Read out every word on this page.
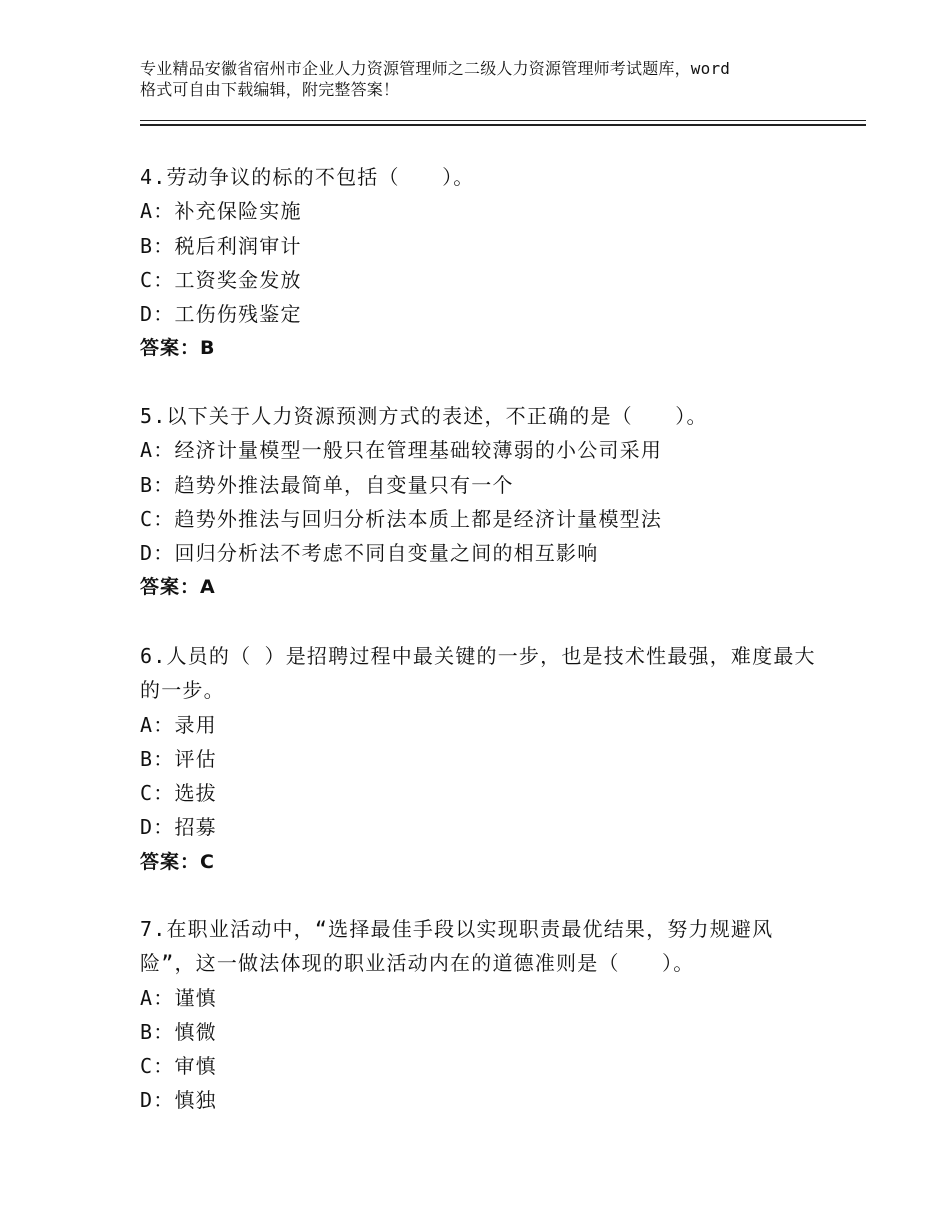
专业精品安徽省宿州市企业人力资源管理师之二级人力资源管理师考试题库，word
格式可自由下载编辑，附完整答案！

4.劳动争议的标的不包括（　　）。

A：补充保险实施

B：税后利润审计

C：工资奖金发放

D：工伤伤残鉴定

答案：B

5.以下关于人力资源预测方式的表述，不正确的是（　　）。

A：经济计量模型一般只在管理基础较薄弱的小公司采用

B：趋势外推法最简单，自变量只有一个

C：趋势外推法与回归分析法本质上都是经济计量模型法

D：回归分析法不考虑不同自变量之间的相互影响

答案：A

6.人员的（ ）是招聘过程中最关键的一步，也是技术性最强，难度最大的一步。

A：录用

B：评估

C：选拔

D：招募

答案：C

7.在职业活动中，“选择最佳手段以实现职责最优结果，努力规避风险”，这一做法体现的职业活动内在的道德准则是（　　）。

A：谨慎

B：慎微

C：审慎

D：慎独
